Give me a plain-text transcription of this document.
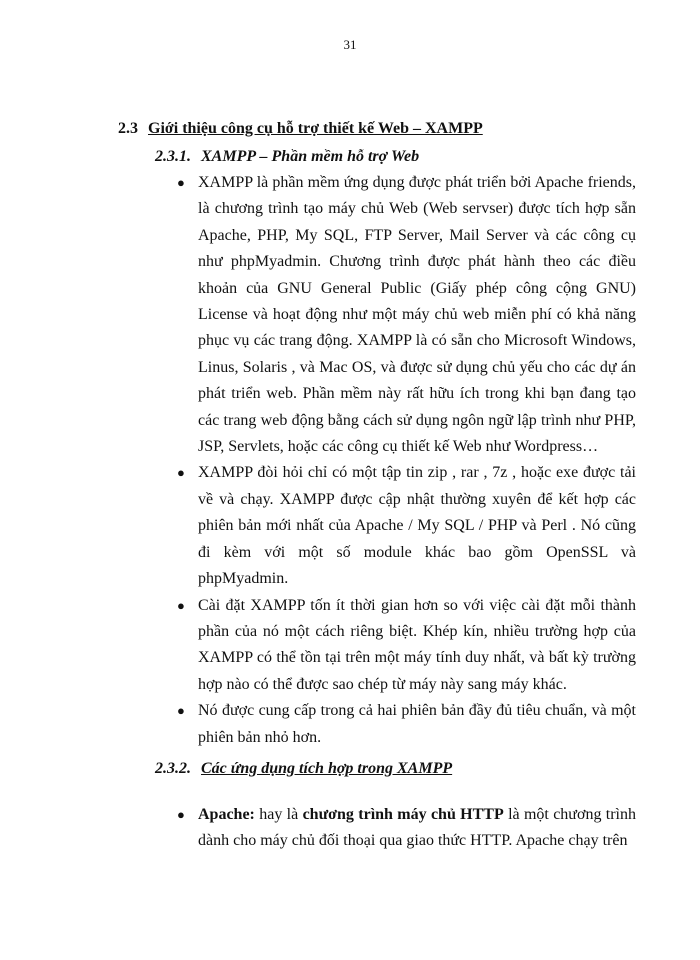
31
2.3 Giới thiệu công cụ hỗ trợ thiết kế Web – XAMPP
2.3.1. XAMPP – Phần mềm hỗ trợ Web
● XAMPP là phần mềm ứng dụng được phát triển bởi Apache friends, là chương trình tạo máy chủ Web (Web servser) được tích hợp sẵn Apache, PHP, My SQL, FTP Server, Mail Server và các công cụ như phpMyadmin. Chương trình được phát hành theo các điều khoản của GNU General Public (Giấy phép công cộng GNU) License và hoạt động như một máy chủ web miễn phí có khả năng phục vụ các trang động. XAMPP là có sẵn cho Microsoft Windows, Linus, Solaris , và Mac OS, và được sử dụng chủ yếu cho các dự án phát triển web. Phần mềm này rất hữu ích trong khi bạn đang tạo các trang web động bằng cách sử dụng ngôn ngữ lập trình như PHP, JSP, Servlets, hoặc các công cụ thiết kế Web như Wordpress…
● XAMPP đòi hỏi chỉ có một tập tin zip , rar , 7z , hoặc exe được tải về và chạy. XAMPP được cập nhật thường xuyên để kết hợp các phiên bản mới nhất của Apache / My SQL / PHP và Perl . Nó cũng đi kèm với một số module khác bao gồm OpenSSL và phpMyadmin.
● Cài đặt XAMPP tốn ít thời gian hơn so với việc cài đặt mỗi thành phần của nó một cách riêng biệt. Khép kín, nhiều trường hợp của XAMPP có thể tồn tại trên một máy tính duy nhất, và bất kỳ trường hợp nào có thể được sao chép từ máy này sang máy khác.
● Nó được cung cấp trong cả hai phiên bản đầy đủ tiêu chuẩn, và một phiên bản nhỏ hơn.
2.3.2. Các ứng dụng tích hợp trong XAMPP
● Apache: hay là chương trình máy chủ HTTP là một chương trình dành cho máy chủ đối thoại qua giao thức HTTP. Apache chạy trên
